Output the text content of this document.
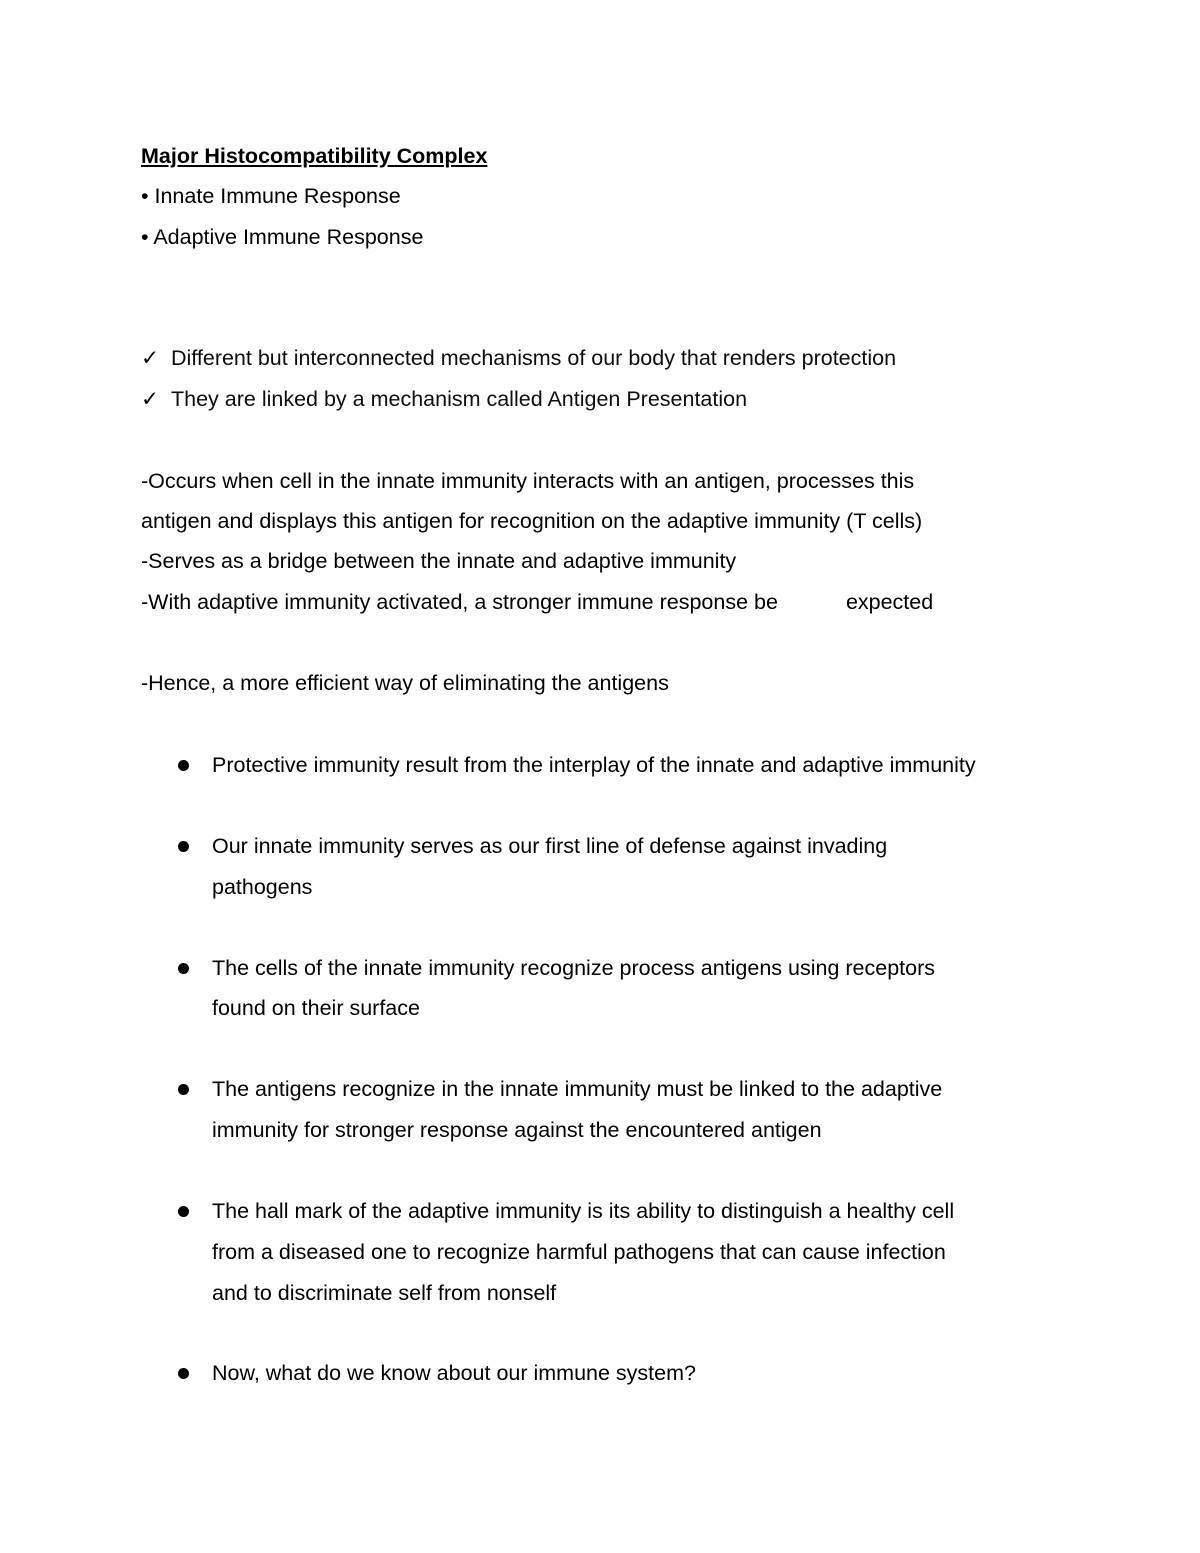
Major Histocompatibility Complex
• Innate Immune Response
• Adaptive Immune Response
✓ Different but interconnected mechanisms of our body that renders protection
✓ They are linked by a mechanism called Antigen Presentation
-Occurs when cell in the innate immunity interacts with an antigen, processes this
antigen and displays this antigen for recognition on the adaptive immunity (T cells)
-Serves as a bridge between the innate and adaptive immunity
-With adaptive immunity activated, a stronger immune response be	expected
-Hence, a more efficient way of eliminating the antigens
Protective immunity result from the interplay of the innate and adaptive immunity
Our innate immunity serves as our first line of defense against invading
pathogens
The cells of the innate immunity recognize process antigens using receptors
found on their surface
The antigens recognize in the innate immunity must be linked to the adaptive
immunity for stronger response against the encountered antigen
The hall mark of the adaptive immunity is its ability to distinguish a healthy cell
from a diseased one to recognize harmful pathogens that can cause infection
and to discriminate self from nonself
Now, what do we know about our immune system?
